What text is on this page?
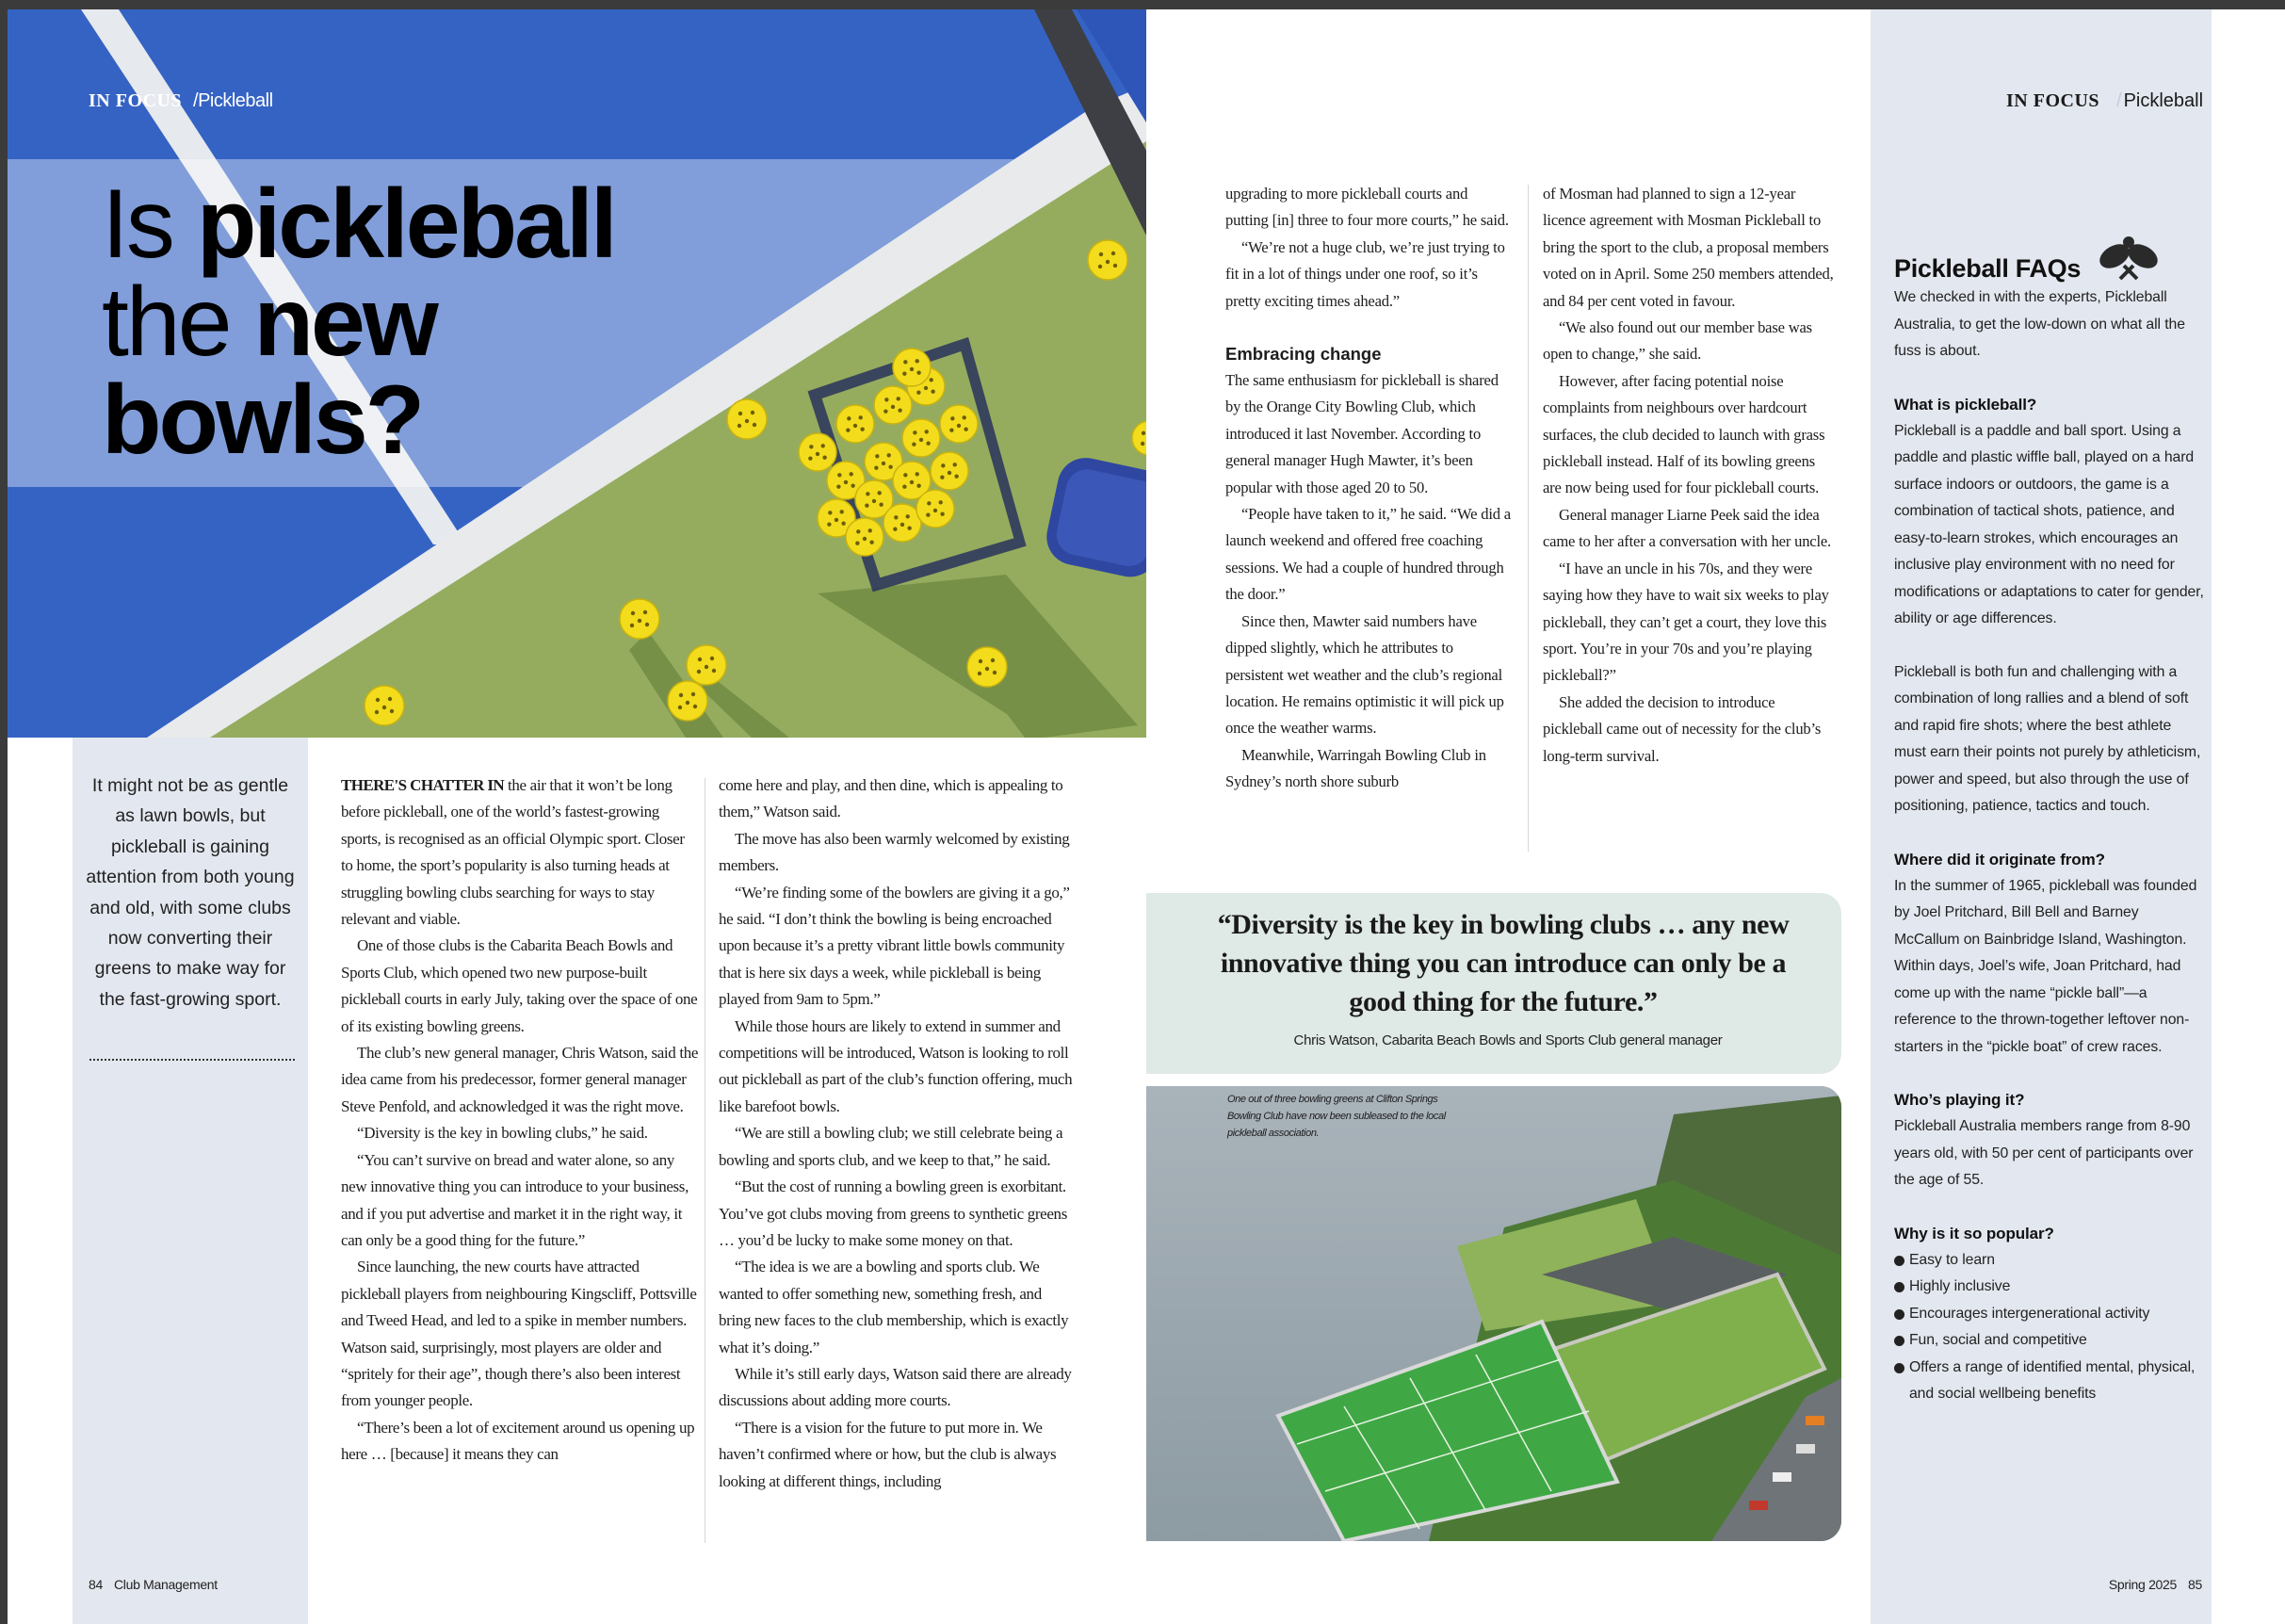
IN FOCUS /Pickleball
Is pickleball
the new
bowls?
It might not be as gentle as lawn bowls, but pickleball is gaining attention from both young and old, with some clubs now converting their greens to make way for the fast-growing sport.

THERE'S CHATTER IN the air that it won’t be long before pickleball, one of the world’s fastest-growing sports, is recognised as an official Olympic sport. Closer to home, the sport’s popularity is also turning heads at struggling bowling clubs searching for ways to stay relevant and viable.

One of those clubs is the Cabarita Beach Bowls and Sports Club, which opened two new purpose-built pickleball courts in early July, taking over the space of one of its existing bowling greens.

The club’s new general manager, Chris Watson, said the idea came from his predecessor, former general manager Steve Penfold, and acknowledged it was the right move.

“Diversity is the key in bowling clubs,” he said.

“You can’t survive on bread and water alone, so any new innovative thing you can introduce to your business, and if you put advertise and market it in the right way, it can only be a good thing for the future.”

Since launching, the new courts have attracted pickleball players from neighbouring Kingscliff, Pottsville and Tweed Head, and led to a spike in member numbers. Watson said, surprisingly, most players are older and “spritely for their age”, though there’s also been interest from younger people.

“There’s been a lot of excitement around us opening up here … [because] it means they can

come here and play, and then dine, which is appealing to them,” Watson said.

The move has also been warmly welcomed by existing members.

“We’re finding some of the bowlers are giving it a go,” he said. “I don’t think the bowling is being encroached upon because it’s a pretty vibrant little bowls community that is here six days a week, while pickleball is being played from 9am to 5pm.”

While those hours are likely to extend in summer and competitions will be introduced, Watson is looking to roll out pickleball as part of the club’s function offering, much like barefoot bowls.

“We are still a bowling club; we still celebrate being a bowling and sports club, and we keep to that,” he said.

“But the cost of running a bowling green is exorbitant. You’ve got clubs moving from greens to synthetic greens … you’d be lucky to make some money on that.

“The idea is we are a bowling and sports club. We wanted to offer something new, something fresh, and bring new faces to the club membership, which is exactly what it’s doing.”

While it’s still early days, Watson said there are already discussions about adding more courts.

“There is a vision for the future to put more in. We haven’t confirmed where or how, but the club is always looking at different things, including

upgrading to more pickleball courts and putting [in] three to four more courts,” he said.

“We’re not a huge club, we’re just trying to fit in a lot of things under one roof, so it’s pretty exciting times ahead.”

Embracing change

The same enthusiasm for pickleball is shared by the Orange City Bowling Club, which introduced it last November. According to general manager Hugh Mawter, it’s been popular with those aged 20 to 50.

“People have taken to it,” he said. “We did a launch weekend and offered free coaching sessions. We had a couple of hundred through the door.”

Since then, Mawter said numbers have dipped slightly, which he attributes to persistent wet weather and the club’s regional location. He remains optimistic it will pick up once the weather warms.

Meanwhile, Warringah Bowling Club in Sydney’s north shore suburb

of Mosman had planned to sign a 12-year licence agreement with Mosman Pickleball to bring the sport to the club, a proposal members voted on in April. Some 250 members attended, and 84 per cent voted in favour.

“We also found out our member base was open to change,” she said.

However, after facing potential noise complaints from neighbours over hardcourt surfaces, the club decided to launch with grass pickleball instead. Half of its bowling greens are now being used for four pickleball courts.

General manager Liarne Peek said the idea came to her after a conversation with her uncle.

“I have an uncle in his 70s, and they were saying how they have to wait six weeks to play pickleball, they can’t get a court, they love this sport. You’re in your 70s and you’re playing pickleball?”

She added the decision to introduce pickleball came out of necessity for the club’s long-term survival.

“Diversity is the key in bowling clubs … any new innovative thing you can introduce can only be a good thing for the future.”
Chris Watson, Cabarita Beach Bowls and Sports Club general manager
One out of three bowling greens at Clifton Springs Bowling Club have now been subleased to the local pickleball association.
IN FOCUS / Pickleball
Pickleball FAQs

We checked in with the experts, Pickleball Australia, to get the low-down on what all the fuss is about.

What is pickleball?

Pickleball is a paddle and ball sport. Using a paddle and plastic wiffle ball, played on a hard surface indoors or outdoors, the game is a combination of tactical shots, patience, and easy-to-learn strokes, which encourages an inclusive play environment with no need for modifications or adaptations to cater for gender, ability or age differences.

Pickleball is both fun and challenging with a combination of long rallies and a blend of soft and rapid fire shots; where the best athlete must earn their points not purely by athleticism, power and speed, but also through the use of positioning, patience, tactics and touch.

Where did it originate from?

In the summer of 1965, pickleball was founded by Joel Pritchard, Bill Bell and Barney McCallum on Bainbridge Island, Washington. Within days, Joel’s wife, Joan Pritchard, had come up with the name “pickle ball”—a reference to the thrown-together leftover non-starters in the “pickle boat” of crew races.

Who’s playing it?

Pickleball Australia members range from 8-90 years old, with 50 per cent of participants over the age of 55.

Why is it so popular?
Easy to learn
Highly inclusive
Encourages intergenerational activity
Fun, social and competitive
Offers a range of identified mental, physical, and social wellbeing benefits
84 Club Management	Spring 2025 85
